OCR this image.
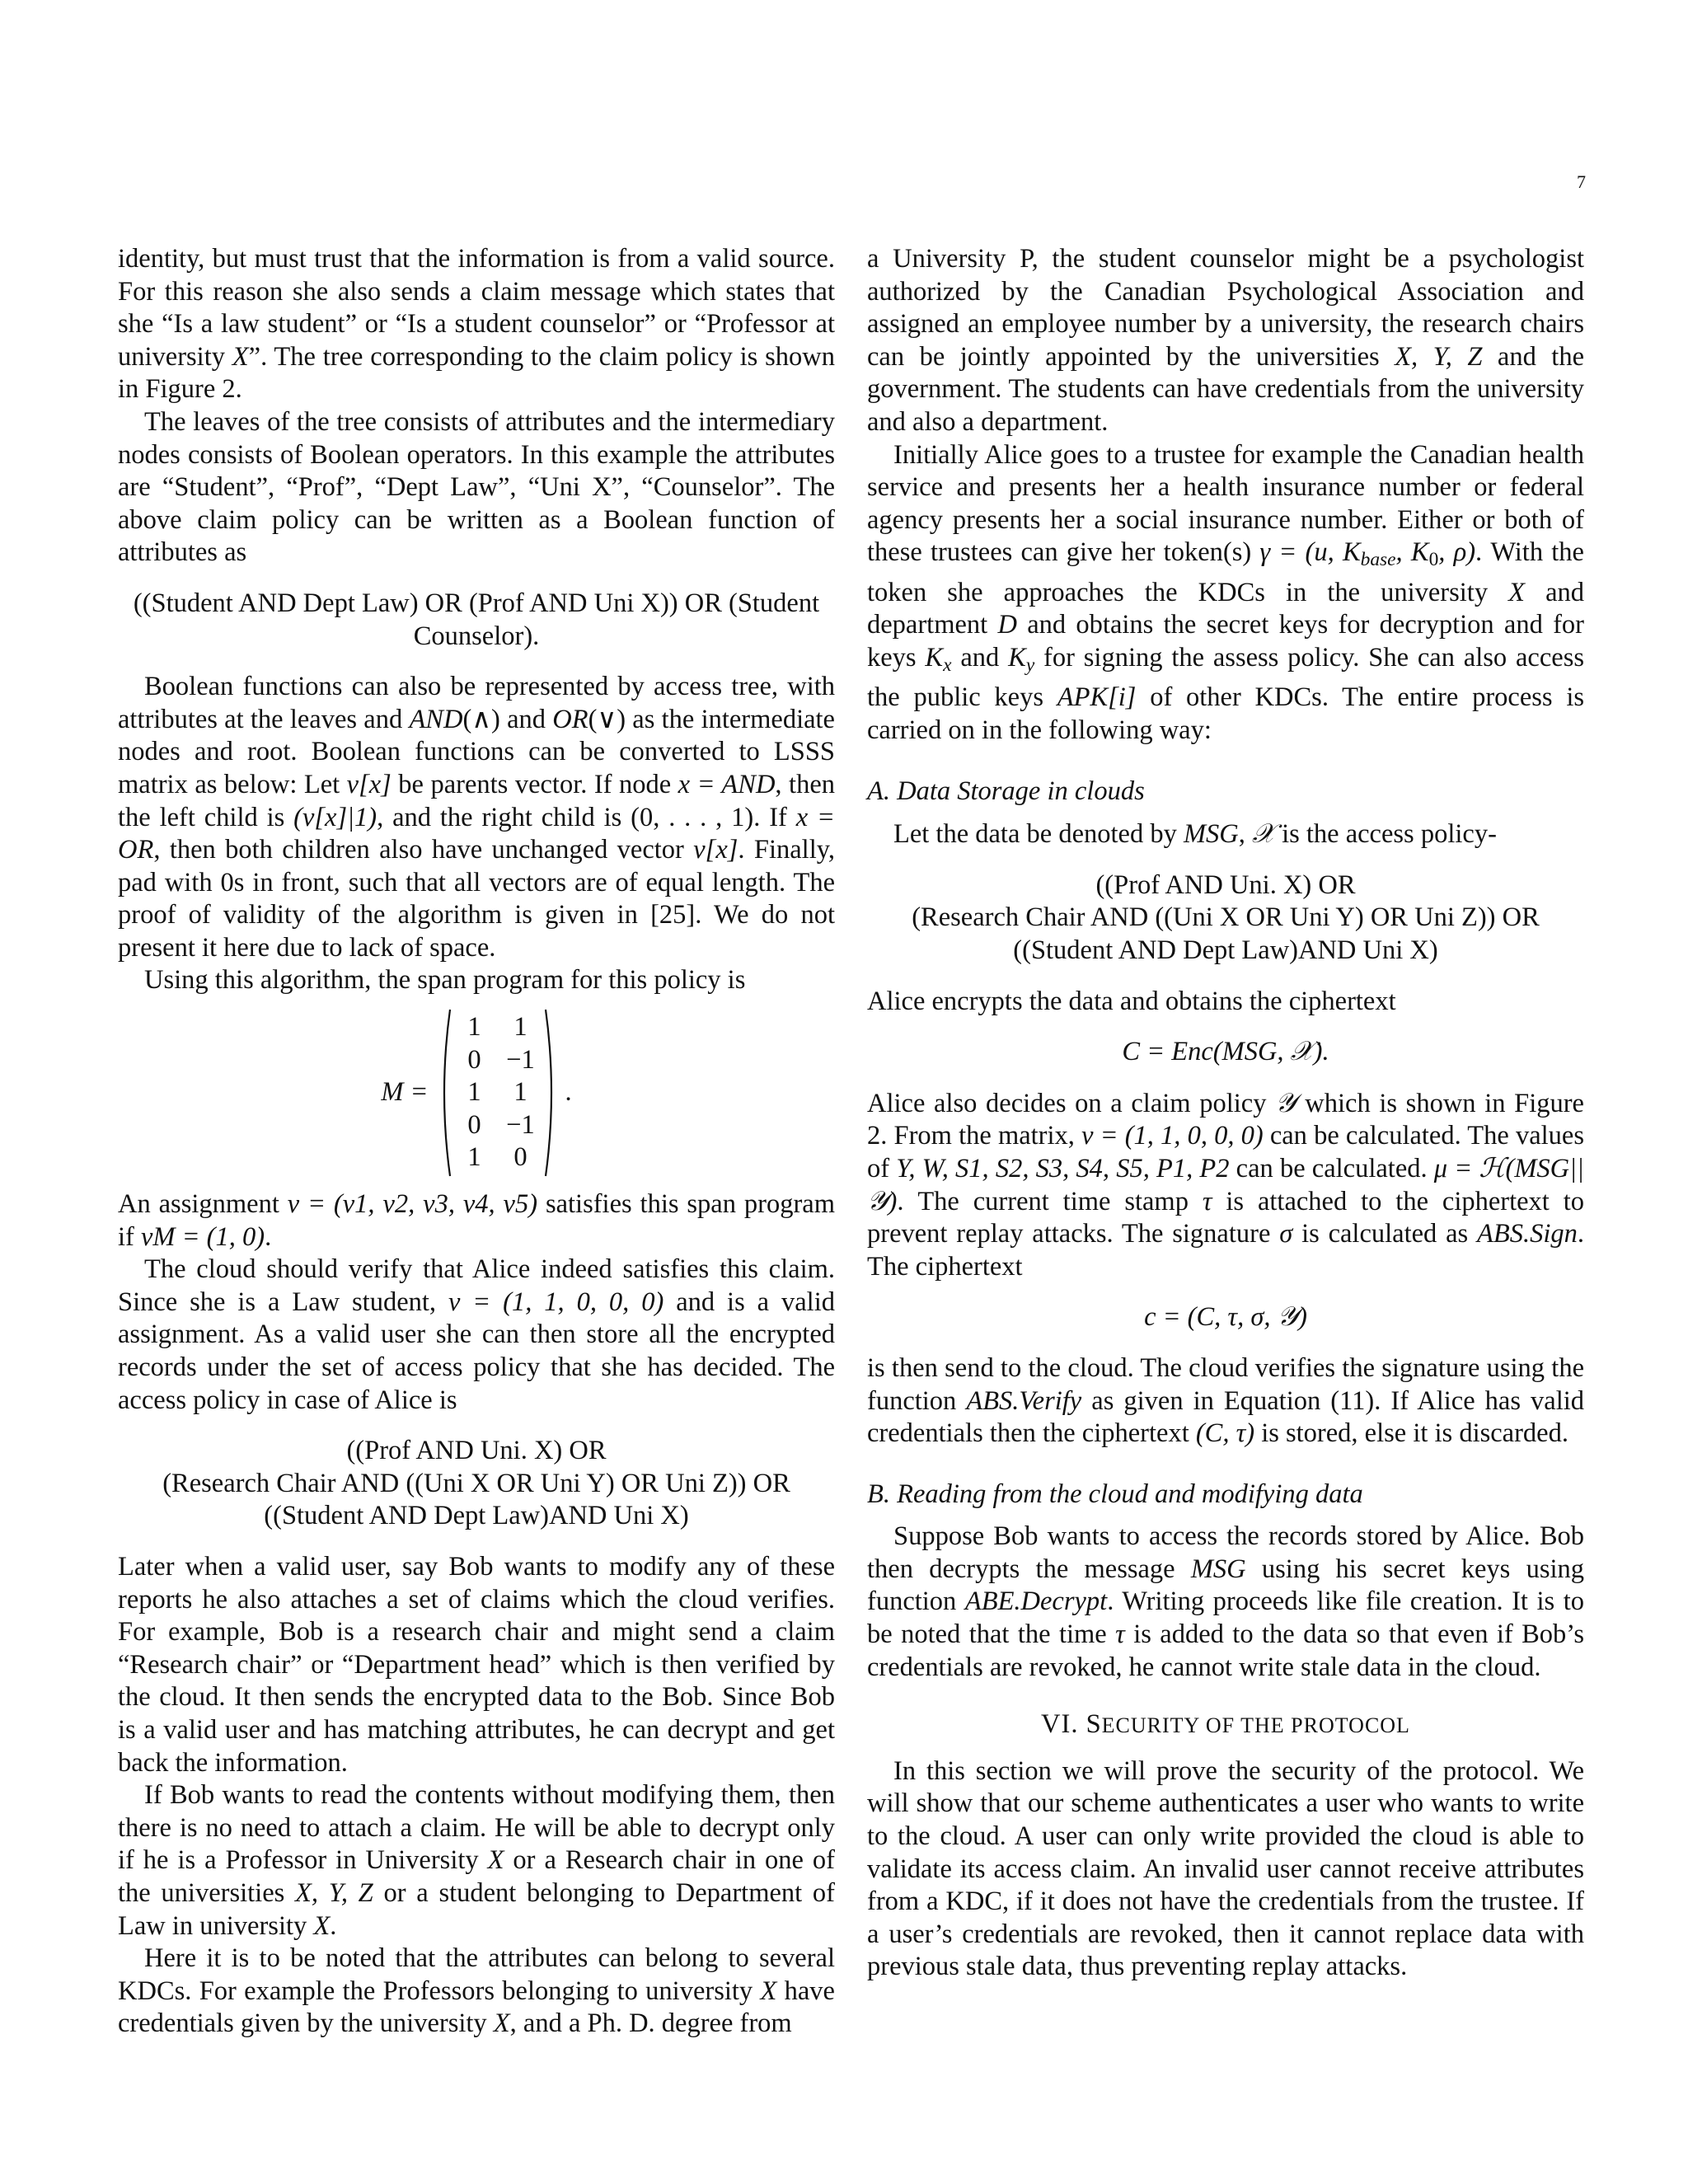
7

identity, but must trust that the information is from a valid source. For this reason she also sends a claim message which states that she “Is a law student” or “Is a student counselor” or “Professor at university X”. The tree corresponding to the claim policy is shown in Figure 2.

The leaves of the tree consists of attributes and the intermediary nodes consists of Boolean operators. In this example the attributes are “Student”, “Prof”, “Dept Law”, “Uni X”, “Counselor”. The above claim policy can be written as a Boolean function of attributes as

((Student AND Dept Law) OR (Prof AND Uni X)) OR (Student Counselor).

Boolean functions can also be represented by access tree, with attributes at the leaves and AND(∧) and OR(∨) as the intermediate nodes and root. Boolean functions can be converted to LSSS matrix as below: Let v[x] be parents vector. If node x = AND, then the left child is (v[x]|1), and the right child is (0, . . . , 1). If x = OR, then both children also have unchanged vector v[x]. Finally, pad with 0s in front, such that all vectors are of equal length. The proof of validity of the algorithm is given in [25]. We do not present it here due to lack of space.

Using this algorithm, the span program for this policy is

M =
1	1
0 −1
1	1
0 −1
1	0
.

An assignment v = (v1, v2, v3, v4, v5) satisfies this span program if vM = (1, 0).

The cloud should verify that Alice indeed satisfies this claim. Since she is a Law student, v = (1, 1, 0, 0, 0) and is a valid assignment. As a valid user she can then store all the encrypted records under the set of access policy that she has decided. The access policy in case of Alice is

((Prof AND Uni. X) OR
(Research Chair AND ((Uni X OR Uni Y) OR Uni Z)) OR
((Student AND Dept Law)AND Uni X)

Later when a valid user, say Bob wants to modify any of these reports he also attaches a set of claims which the cloud verifies. For example, Bob is a research chair and might send a claim “Research chair” or “Department head” which is then verified by the cloud. It then sends the encrypted data to the Bob. Since Bob is a valid user and has matching attributes, he can decrypt and get back the information.

If Bob wants to read the contents without modifying them, then there is no need to attach a claim. He will be able to decrypt only if he is a Professor in University X or a Research chair in one of the universities X, Y, Z or a student belonging to Department of Law in university X.

Here it is to be noted that the attributes can belong to several KDCs. For example the Professors belonging to university X have credentials given by the university X, and a Ph. D. degree from

a University P, the student counselor might be a psychologist authorized by the Canadian Psychological Association and assigned an employee number by a university, the research chairs can be jointly appointed by the universities X, Y, Z and the government. The students can have credentials from the university and also a department.

Initially Alice goes to a trustee for example the Canadian health service and presents her a health insurance number or federal agency presents her a social insurance number. Either or both of these trustees can give her token(s) γ = (u, $K_{base}$, $K_0$, ρ). With the token she approaches the KDCs in the university X and department D and obtains the secret keys for decryption and for keys $K_x$ and $K_y$ for signing the assess policy. She can also access the public keys APK[i] of other KDCs. The entire process is carried on in the following way:

A. Data Storage in clouds

Let the data be denoted by MSG, 𝒳 is the access policy-

((Prof AND Uni. X) OR
(Research Chair AND ((Uni X OR Uni Y) OR Uni Z)) OR
((Student AND Dept Law)AND Uni X)

Alice encrypts the data and obtains the ciphertext

C = Enc(MSG, 𝒳).

Alice also decides on a claim policy 𝒴 which is shown in Figure 2. From the matrix, v = (1, 1, 0, 0, 0) can be calculated. The values of Y, W, S1, S2, S3, S4, S5, P1, P2 can be calculated. μ = ℋ(MSG||𝒴). The current time stamp τ is attached to the ciphertext to prevent replay attacks. The signature σ is calculated as ABS.Sign. The ciphertext

c = (C, τ, σ, 𝒴)

is then send to the cloud. The cloud verifies the signature using the function ABS.Verify as given in Equation (11). If Alice has valid credentials then the ciphertext (C, τ) is stored, else it is discarded.

B. Reading from the cloud and modifying data

Suppose Bob wants to access the records stored by Alice. Bob then decrypts the message MSG using his secret keys using function ABE.Decrypt. Writing proceeds like file creation. It is to be noted that the time τ is added to the data so that even if Bob’s credentials are revoked, he cannot write stale data in the cloud.

VI. SECURITY OF THE PROTOCOL

In this section we will prove the security of the protocol. We will show that our scheme authenticates a user who wants to write to the cloud. A user can only write provided the cloud is able to validate its access claim. An invalid user cannot receive attributes from a KDC, if it does not have the credentials from the trustee. If a user’s credentials are revoked, then it cannot replace data with previous stale data, thus preventing replay attacks.
